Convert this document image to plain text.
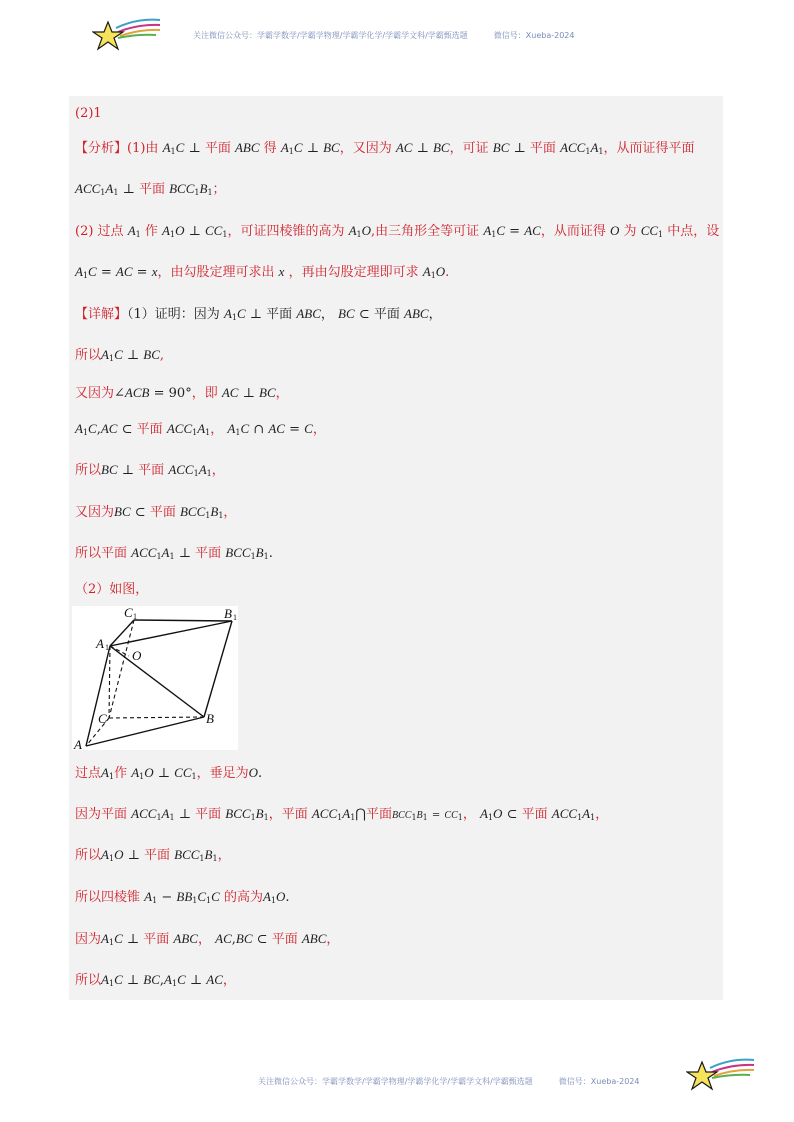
关注微信公众号：学霸学数学/学霸学物理/学霸学化学/学霸学文科/学霸甄选题	微信号：Xueba-2024
(2)1
【分析】(1)由 $A_1C$ ⊥ 平面 ABC 得 $A_1C$ ⊥ BC，又因为 AC ⊥ BC，可证 BC ⊥ 平面 $ACC_1A_1$，从而证得平面
$ACC_1A_1$ ⊥ 平面 $BCC_1B_1$；
(2) 过点 $A_1$ 作 $A_1O$ ⊥ $CC_1$，可证四棱锥的高为 $A_1O$,由三角形全等可证 $A_1C$ = AC，从而证得 O 为 $CC_1$ 中点，设
$A_1C$ = AC = x，由勾股定理可求出 x ，再由勾股定理即可求 $A_1O$.
【详解】（1）证明：因为 $A_1C$ ⊥ 平面 ABC， BC ⊂ 平面 ABC，
所以$A_1C$ ⊥ BC,
又因为∠ACB = 90°，即 AC ⊥ BC，
$A_1C,AC$ ⊂ 平面 $ACC_1A_1$， $A_1C$ ∩ AC = C，
所以BC ⊥ 平面 $ACC_1A_1$，
又因为BC ⊂ 平面 $BCC_1B_1$，
所以平面 $ACC_1A_1$ ⊥ 平面 $BCC_1B_1$.
（2）如图，
C 1	B 1
A 1
O
C	B
A
过点$A_1$作 $A_1O$ ⊥ $CC_1$，垂足为O.
因为平面 $ACC_1A_1$ ⊥ 平面 $BCC_1B_1$，平面 $ACC_1A_1⋂$平面$BCC_1B_1 = CC_1$， $A_1O$ ⊂ 平面 $ACC_1A_1$，
所以$A_1O$ ⊥ 平面 $BCC_1B_1$，
所以四棱锥 $A_1 - BB_1C_1C$ 的高为$A_1O$.
因为$A_1C$ ⊥ 平面 ABC， AC,BC ⊂ 平面 ABC，
所以$A_1C$ ⊥ $BC,A_1C$ ⊥ AC，
关注微信公众号：学霸学数学/学霸学物理/学霸学化学/学霸学文科/学霸甄选题	微信号：Xueba-2024
